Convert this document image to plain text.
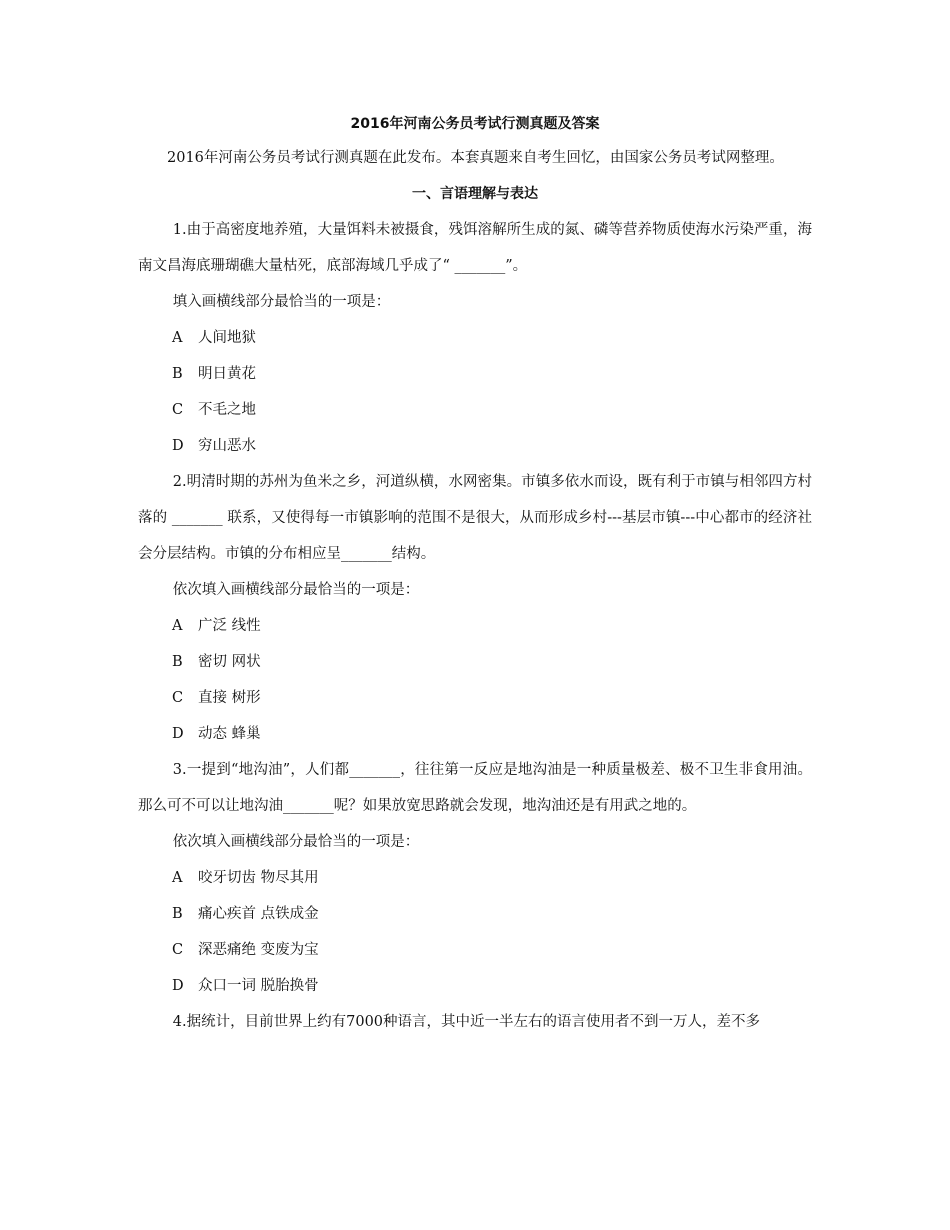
2016年河南公务员考试行测真题及答案

2016年河南公务员考试行测真题在此发布。本套真题来自考生回忆，由国家公务员考试网整理。

一、言语理解与表达

1.由于高密度地养殖，大量饵料未被摄食，残饵溶解所生成的氮、磷等营养物质使海水污染严重，海南文昌海底珊瑚礁大量枯死，底部海域几乎成了“ _______”。

填入画横线部分最恰当的一项是：

A	人间地狱
B	明日黄花
C	不毛之地
D 穷山恶水

2.明清时期的苏州为鱼米之乡，河道纵横，水网密集。市镇多依水而设，既有利于市镇与相邻四方村落的 _______ 联系，又使得每一市镇影响的范围不是很大，从而形成乡村---基层市镇---中心都市的经济社会分层结构。市镇的分布相应呈_______结构。

依次填入画横线部分最恰当的一项是：

A	广泛 线性
B	密切 网状
C	直接 树形
D 动态 蜂巢

3.一提到“地沟油”，人们都_______，往往第一反应是地沟油是一种质量极差、极不卫生非食用油。那么可不可以让地沟油_______呢？如果放宽思路就会发现，地沟油还是有用武之地的。

依次填入画横线部分最恰当的一项是：

A	咬牙切齿 物尽其用
B	痛心疾首 点铁成金
C	深恶痛绝 变废为宝
D 众口一词 脱胎换骨

4.据统计，目前世界上约有7000种语言，其中近一半左右的语言使用者不到一万人，差不多
